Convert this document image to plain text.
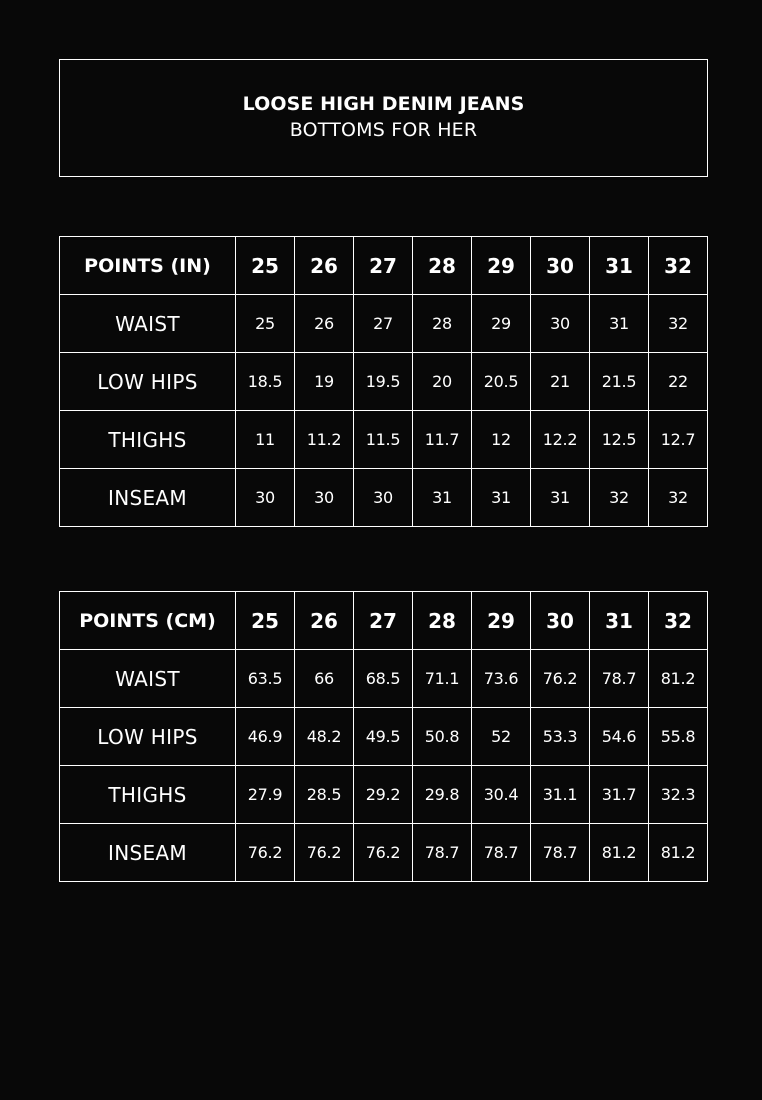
LOOSE HIGH DENIM JEANS
BOTTOMS FOR HER
POINTS (IN)	25	26	27	28	29	30	31	32
WAIST	25	26	27	28	29	30	31	32
LOW HIPS	18.5	19	19.5	20	20.5	21	21.5	22
THIGHS	11	11.2	11.5	11.7	12	12.2	12.5	12.7
INSEAM	30	30	30	31	31	31	32	32
POINTS (CM)	25	26	27	28	29	30	31	32
WAIST	63.5	66	68.5	71.1	73.6	76.2	78.7	81.2
LOW HIPS	46.9	48.2	49.5	50.8	52	53.3	54.6	55.8
THIGHS	27.9	28.5	29.2	29.8	30.4	31.1	31.7	32.3
INSEAM	76.2	76.2	76.2	78.7	78.7	78.7	81.2	81.2
